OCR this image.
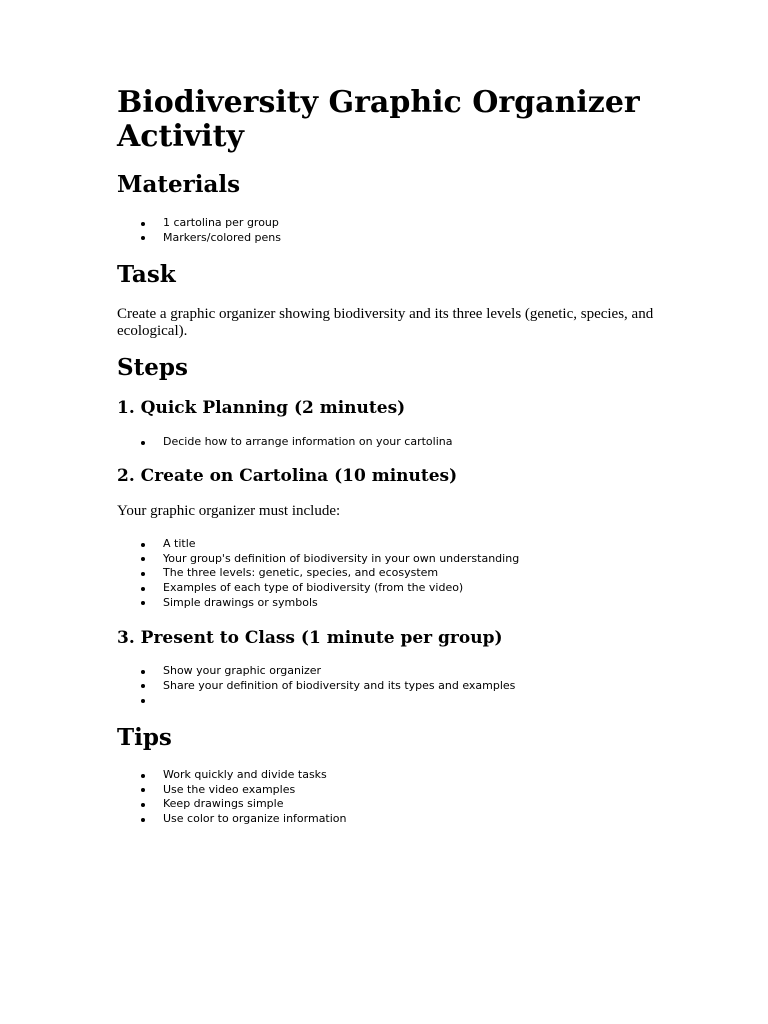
Biodiversity Graphic Organizer Activity
Materials
1 cartolina per group
Markers/colored pens
Task

Create a graphic organizer showing biodiversity and its three levels (genetic, species, and ecological).

Steps
1. Quick Planning (2 minutes)
Decide how to arrange information on your cartolina
2. Create on Cartolina (10 minutes)

Your graphic organizer must include:

A title
Your group's definition of biodiversity in your own understanding
The three levels: genetic, species, and ecosystem
Examples of each type of biodiversity (from the video)
Simple drawings or symbols
3. Present to Class (1 minute per group)
Show your graphic organizer
Share your definition of biodiversity and its types and examples
Tips
Work quickly and divide tasks
Use the video examples
Keep drawings simple
Use color to organize information
